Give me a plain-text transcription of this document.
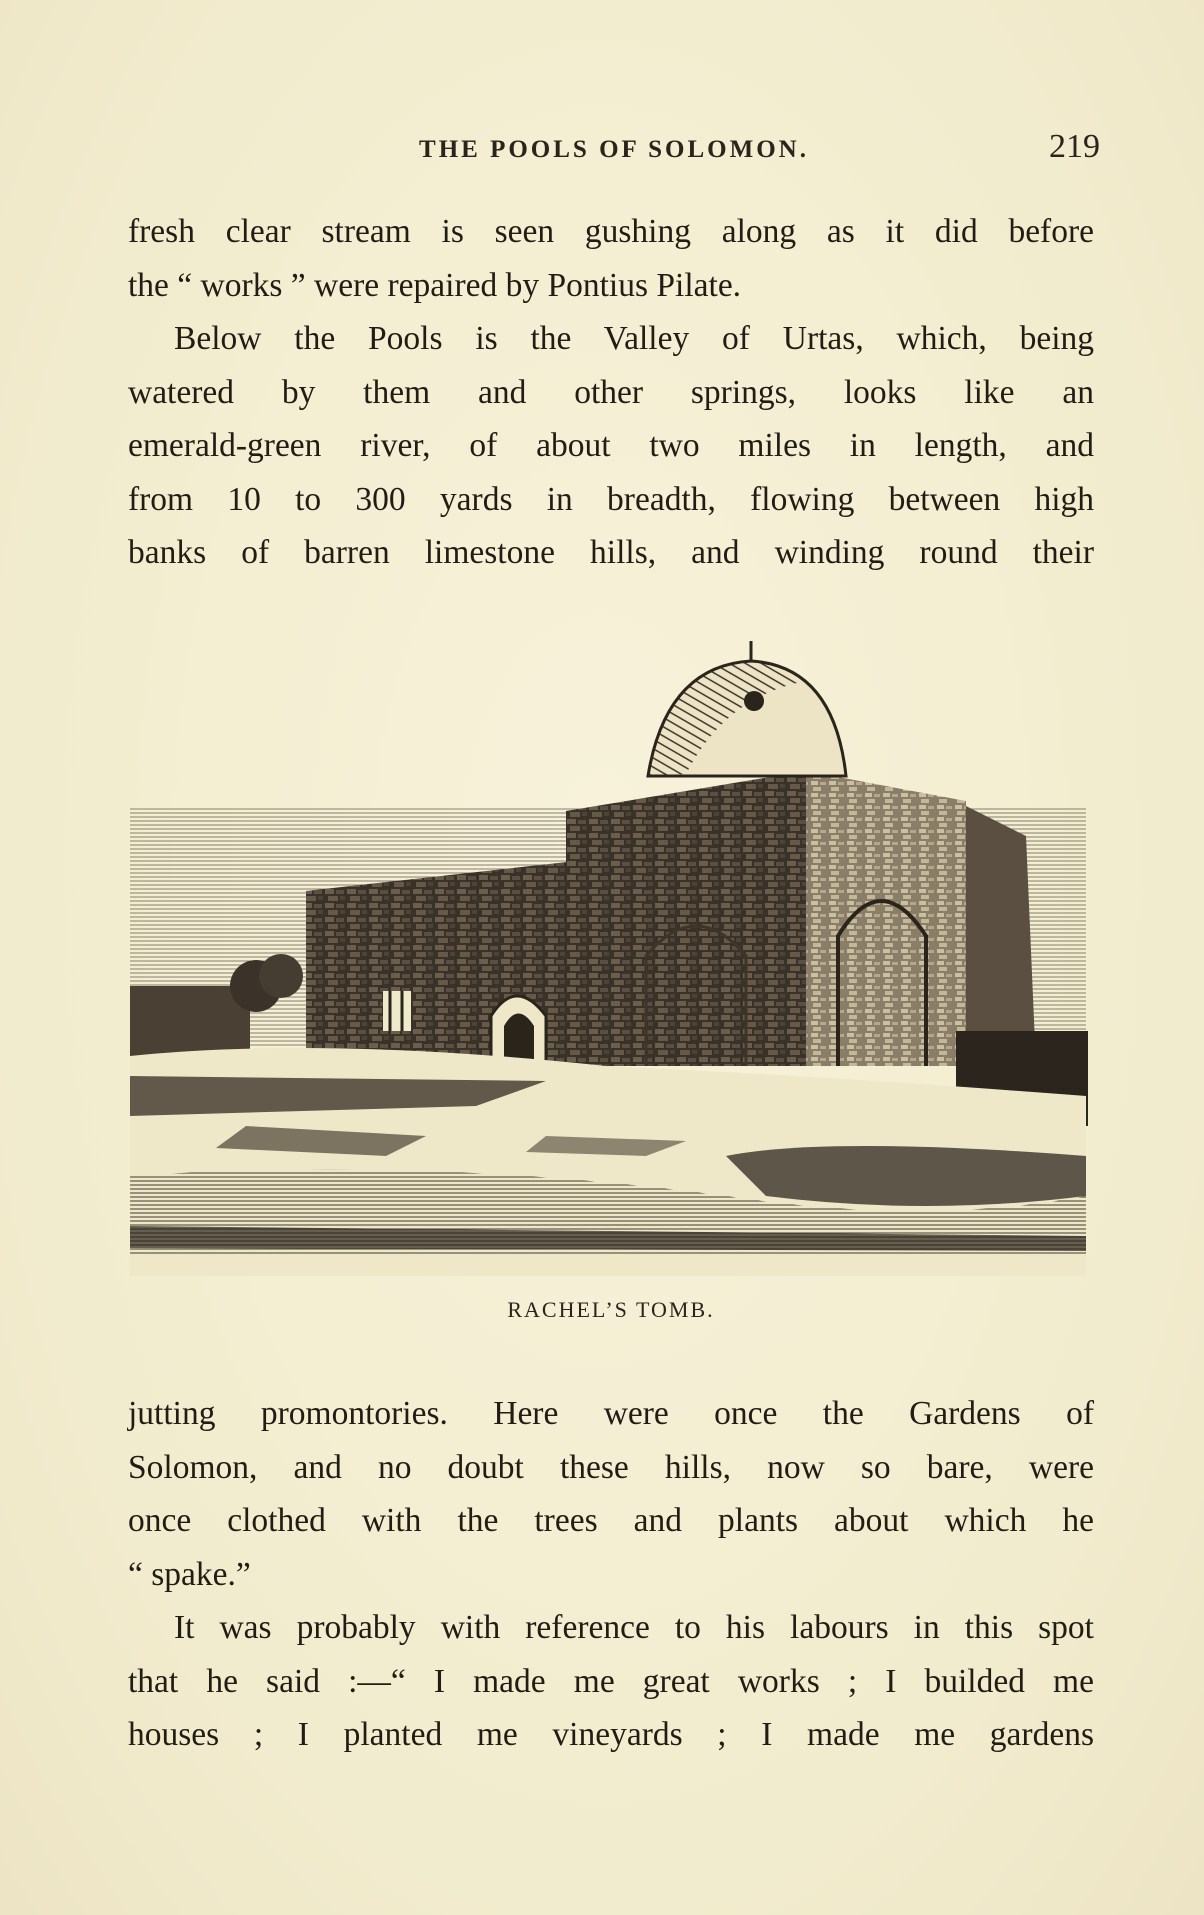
THE POOLS OF SOLOMON.	219
fresh clear stream is seen gushing along as it did before
the “ works ” were repaired by Pontius Pilate.
Below the Pools is the Valley of Urtas, which, being
watered by them and other springs, looks like an
emerald-green river, of about two miles in length, and
from 10 to 300 yards in breadth, flowing between high
banks of barren limestone hills, and winding round their
RACHEL’S TOMB.
jutting promontories. Here were once the Gardens of
Solomon, and no doubt these hills, now so bare, were
once clothed with the trees and plants about which he
“ spake.”
It was probably with reference to his labours in this spot
that he said :—“ I made me great works ; I builded me
houses ; I planted me vineyards ; I made me gardens
